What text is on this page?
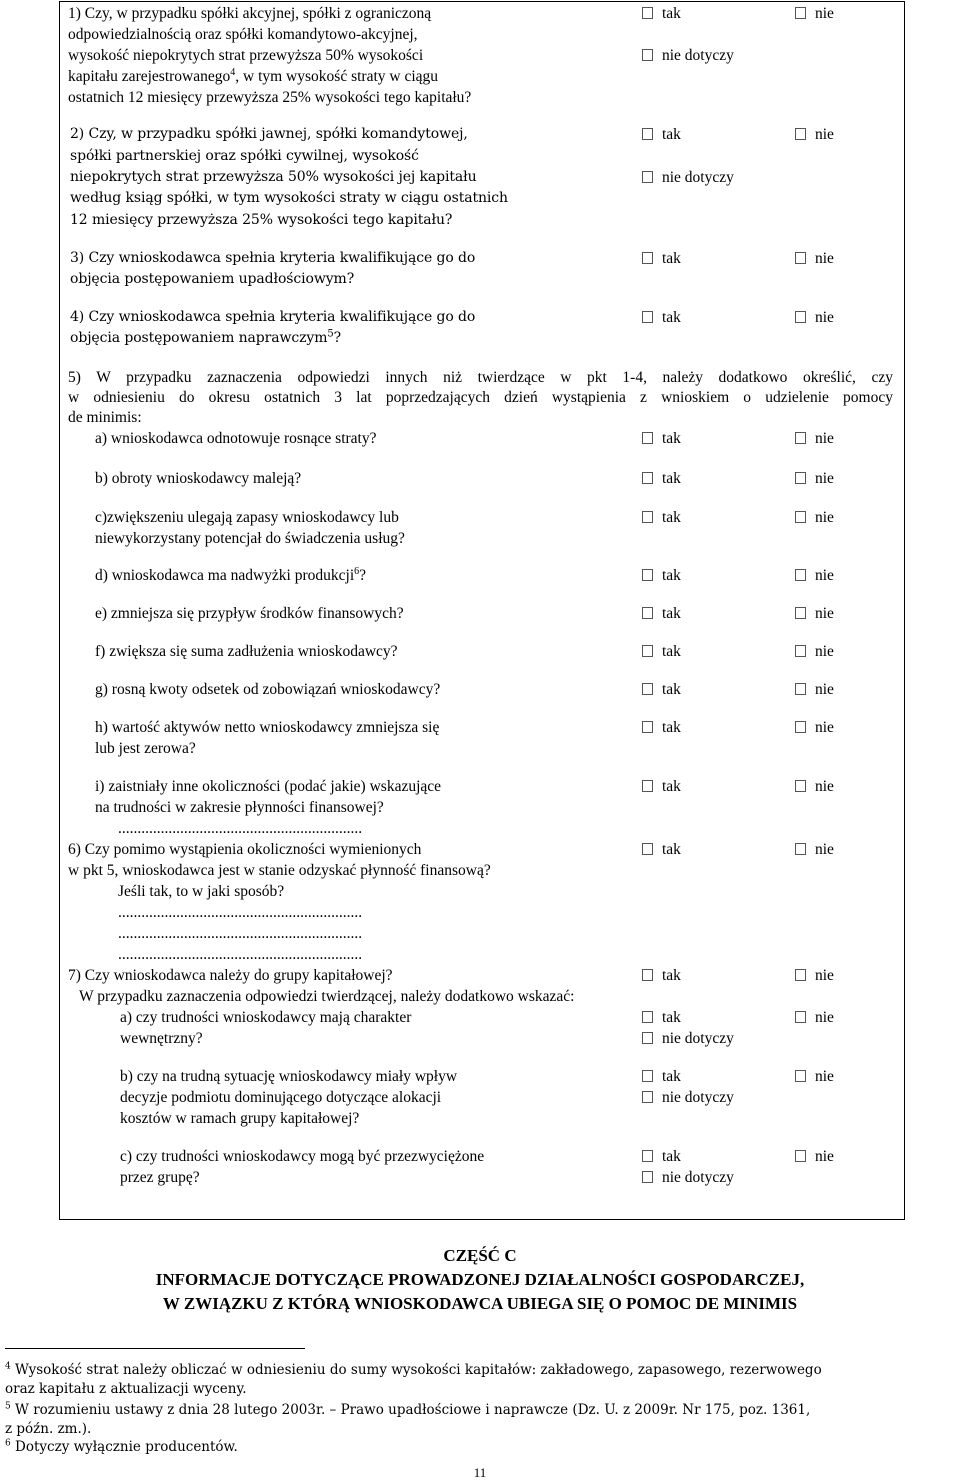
1) Czy, w przypadku spółki akcyjnej, spółki z ograniczoną
odpowiedzialnością oraz spółki komandytowo-akcyjnej,
wysokość niepokrytych strat przewyższa 50% wysokości
kapitału zarejestrowanego$^4$, w tym wysokość straty w ciągu
ostatnich 12 miesięcy przewyższa 25% wysokości tego kapitału?
tak	nie
nie dotyczy
2) Czy, w przypadku spółki jawnej, spółki komandytowej,
spółki partnerskiej oraz spółki cywilnej, wysokość
niepokrytych strat przewyższa 50% wysokości jej kapitału
według ksiąg spółki, w tym wysokości straty w ciągu ostatnich
12 miesięcy przewyższa 25% wysokości tego kapitału?
tak	nie
nie dotyczy
3) Czy wnioskodawca spełnia kryteria kwalifikujące go do
objęcia postępowaniem upadłościowym?
tak	nie
4) Czy wnioskodawca spełnia kryteria kwalifikujące go do
objęcia postępowaniem naprawczym$^5$?
tak	nie
5) W przypadku zaznaczenia odpowiedzi innych niż twierdzące w pkt 1-4, należy dodatkowo określić, czy
w odniesieniu do okresu ostatnich 3 lat poprzedzających dzień wystąpienia z wnioskiem o udzielenie pomocy
de minimis:
a) wnioskodawca odnotowuje rosnące straty?	tak	nie
b) obroty wnioskodawcy maleją?	tak	nie
c)zwiększeniu ulegają zapasy wnioskodawcy lub
niewykorzystany potencjał do świadczenia usług?
tak	nie
d) wnioskodawca ma nadwyżki produkcji$^6$?	tak	nie
e) zmniejsza się przypływ środków finansowych?	tak	nie
f) zwiększa się suma zadłużenia wnioskodawcy?	tak	nie
g) rosną kwoty odsetek od zobowiązań wnioskodawcy?	tak	nie
h) wartość aktywów netto wnioskodawcy zmniejsza się
lub jest zerowa?
tak	nie
i) zaistniały inne okoliczności (podać jakie) wskazujące
na trudności w zakresie płynności finansowej?
tak	nie
...............................................................
6) Czy pomimo wystąpienia okoliczności wymienionych
w pkt 5, wnioskodawca jest w stanie odzyskać płynność finansową?
Jeśli tak, to w jaki sposób?
tak	nie
...............................................................
...............................................................
...............................................................
7) Czy wnioskodawca należy do grupy kapitałowej?	tak	nie
W przypadku zaznaczenia odpowiedzi twierdzącej, należy dodatkowo wskazać:
a) czy trudności wnioskodawcy mają charakter
wewnętrzny?
tak	nie
nie dotyczy
b) czy na trudną sytuację wnioskodawcy miały wpływ
decyzje podmiotu dominującego dotyczące alokacji
kosztów w ramach grupy kapitałowej?
tak	nie
nie dotyczy
c) czy trudności wnioskodawcy mogą być przezwyciężone
przez grupę?
tak	nie
nie dotyczy
CZĘŚĆ C
INFORMACJE DOTYCZĄCE PROWADZONEJ DZIAŁALNOŚCI GOSPODARCZEJ,
W ZWIĄZKU Z KTÓRĄ WNIOSKODAWCA UBIEGA SIĘ O POMOC DE MINIMIS
$^4$ Wysokość strat należy obliczać w odniesieniu do sumy wysokości kapitałów: zakładowego, zapasowego, rezerwowego
oraz kapitału z aktualizacji wyceny.
$^5$ W rozumieniu ustawy z dnia 28 lutego 2003r. – Prawo upadłościowe i naprawcze (Dz. U. z 2009r. Nr 175, poz. 1361,
z późn. zm.).
$^6$ Dotyczy wyłącznie producentów.
11
